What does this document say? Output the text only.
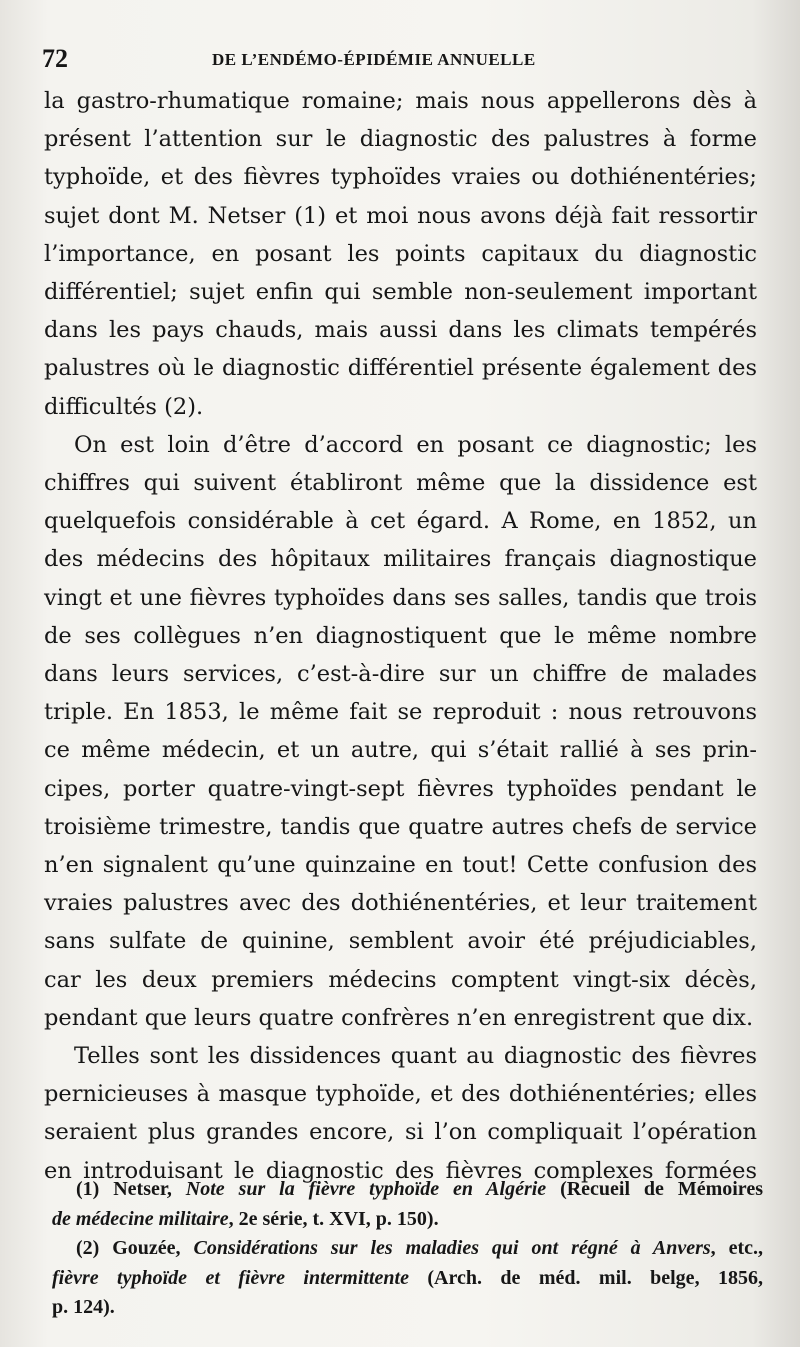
72	DE L’ENDÉMO-ÉPIDÉMIE ANNUELLE
la gastro-rhumatique romaine; mais nous appellerons dès à
présent l’attention sur le diagnostic des palustres à forme
typhoïde, et des fièvres typhoïdes vraies ou dothiénentéries;
sujet dont M. Netser (1) et moi nous avons déjà fait ressortir
l’importance, en posant les points capitaux du diagnostic
différentiel; sujet enfin qui semble non-seulement important
dans les pays chauds, mais aussi dans les climats tempérés
palustres où le diagnostic différentiel présente également des
difficultés (2).
On est loin d’être d’accord en posant ce diagnostic; les
chiffres qui suivent établiront même que la dissidence est
quelquefois considérable à cet égard. A Rome, en 1852, un
des médecins des hôpitaux militaires français diagnostique
vingt et une fièvres typhoïdes dans ses salles, tandis que trois
de ses collègues n’en diagnostiquent que le même nombre
dans leurs services, c’est-à-dire sur un chiffre de malades
triple. En 1853, le même fait se reproduit : nous retrouvons
ce même médecin, et un autre, qui s’était rallié à ses prin-
cipes, porter quatre-vingt-sept fièvres typhoïdes pendant le
troisième trimestre, tandis que quatre autres chefs de service
n’en signalent qu’une quinzaine en tout! Cette confusion des
vraies palustres avec des dothiénentéries, et leur traitement
sans sulfate de quinine, semblent avoir été préjudiciables,
car les deux premiers médecins comptent vingt-six décès,
pendant que leurs quatre confrères n’en enregistrent que dix.
Telles sont les dissidences quant au diagnostic des fièvres
pernicieuses à masque typhoïde, et des dothiénentéries; elles
seraient plus grandes encore, si l’on compliquait l’opération
en introduisant le diagnostic des fièvres complexes formées
(1) Netser, Note sur la fièvre typhoïde en Algérie (Recueil de Mémoires
de médecine militaire, 2e série, t. XVI, p. 150).
(2) Gouzée, Considérations sur les maladies qui ont régné à Anvers, etc.,
fièvre typhoïde et fièvre intermittente (Arch. de méd. mil. belge, 1856,
p. 124).
